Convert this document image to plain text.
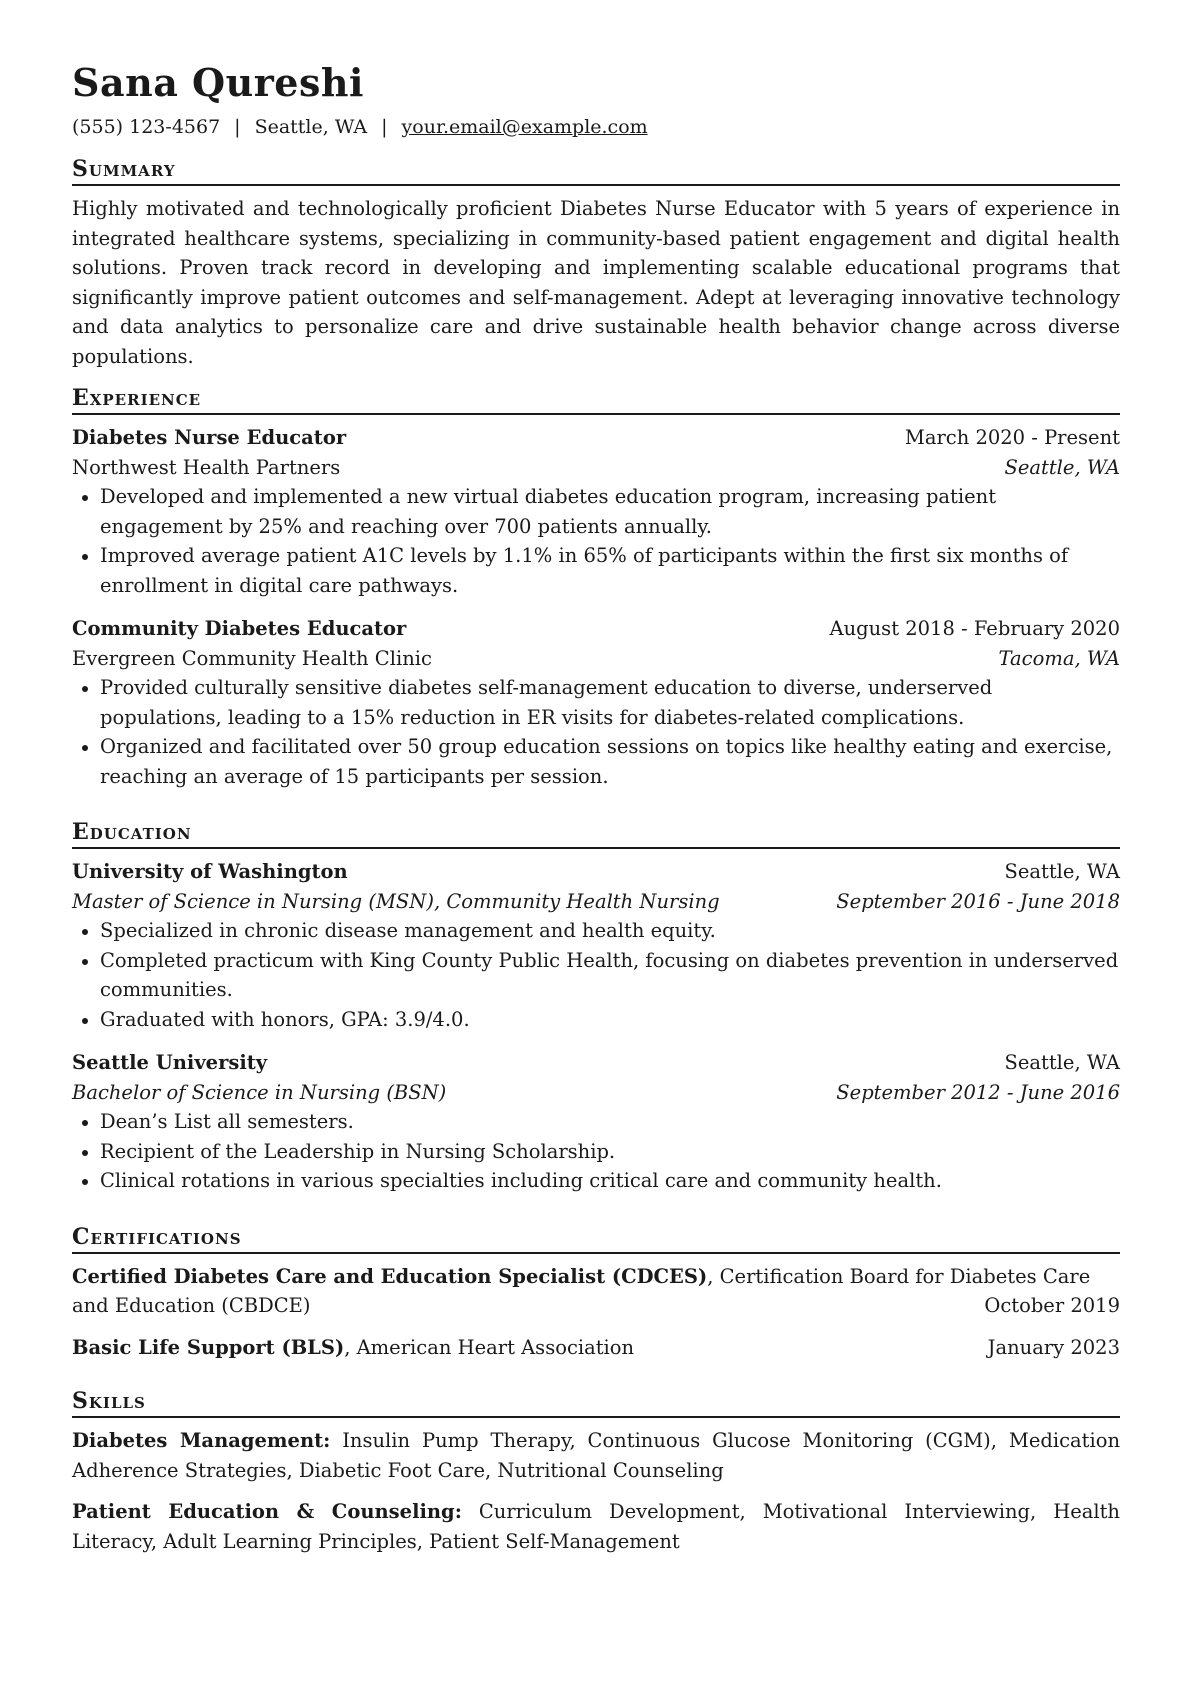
Sana Qureshi
(555) 123-4567 | Seattle, WA | your.email@example.com
Summary

Highly motivated and technologically proficient Diabetes Nurse Educator with 5 years of experience in integrated healthcare systems, specializing in community-based patient engagement and digital health solutions. Proven track record in developing and implementing scalable educational programs that significantly improve patient outcomes and self-management. Adept at leveraging innovative technology and data analytics to personalize care and drive sustainable health behavior change across diverse populations.

Experience
Diabetes Nurse Educator	March 2020 - Present
Northwest Health Partners	Seattle, WA
Developed and implemented a new virtual diabetes education program, increasing patient engagement by 25% and reaching over 700 patients annually.
Improved average patient A1C levels by 1.1% in 65% of participants within the first six months of enrollment in digital care pathways.
Community Diabetes Educator	August 2018 - February 2020
Evergreen Community Health Clinic	Tacoma, WA
Provided culturally sensitive diabetes self-management education to diverse, underserved populations, leading to a 15% reduction in ER visits for diabetes-related complications.
Organized and facilitated over 50 group education sessions on topics like healthy eating and exercise, reaching an average of 15 participants per session.
Education
University of Washington	Seattle, WA
Master of Science in Nursing (MSN), Community Health Nursing	September 2016 - June 2018
Specialized in chronic disease management and health equity.
Completed practicum with King County Public Health, focusing on diabetes prevention in underserved communities.
Graduated with honors, GPA: 3.9/4.0.
Seattle University	Seattle, WA
Bachelor of Science in Nursing (BSN)	September 2012 - June 2016
Dean’s List all semesters.
Recipient of the Leadership in Nursing Scholarship.
Clinical rotations in various specialties including critical care and community health.
Certifications
Certified Diabetes Care and Education Specialist (CDCES), Certification Board for Diabetes Care
and Education (CBDCE)	October 2019
Basic Life Support (BLS), American Heart Association	January 2023
Skills
Diabetes Management: Insulin Pump Therapy, Continuous Glucose Monitoring (CGM), Medication Adherence Strategies, Diabetic Foot Care, Nutritional Counseling
Patient Education & Counseling: Curriculum Development, Motivational Interviewing, Health Literacy, Adult Learning Principles, Patient Self-Management
